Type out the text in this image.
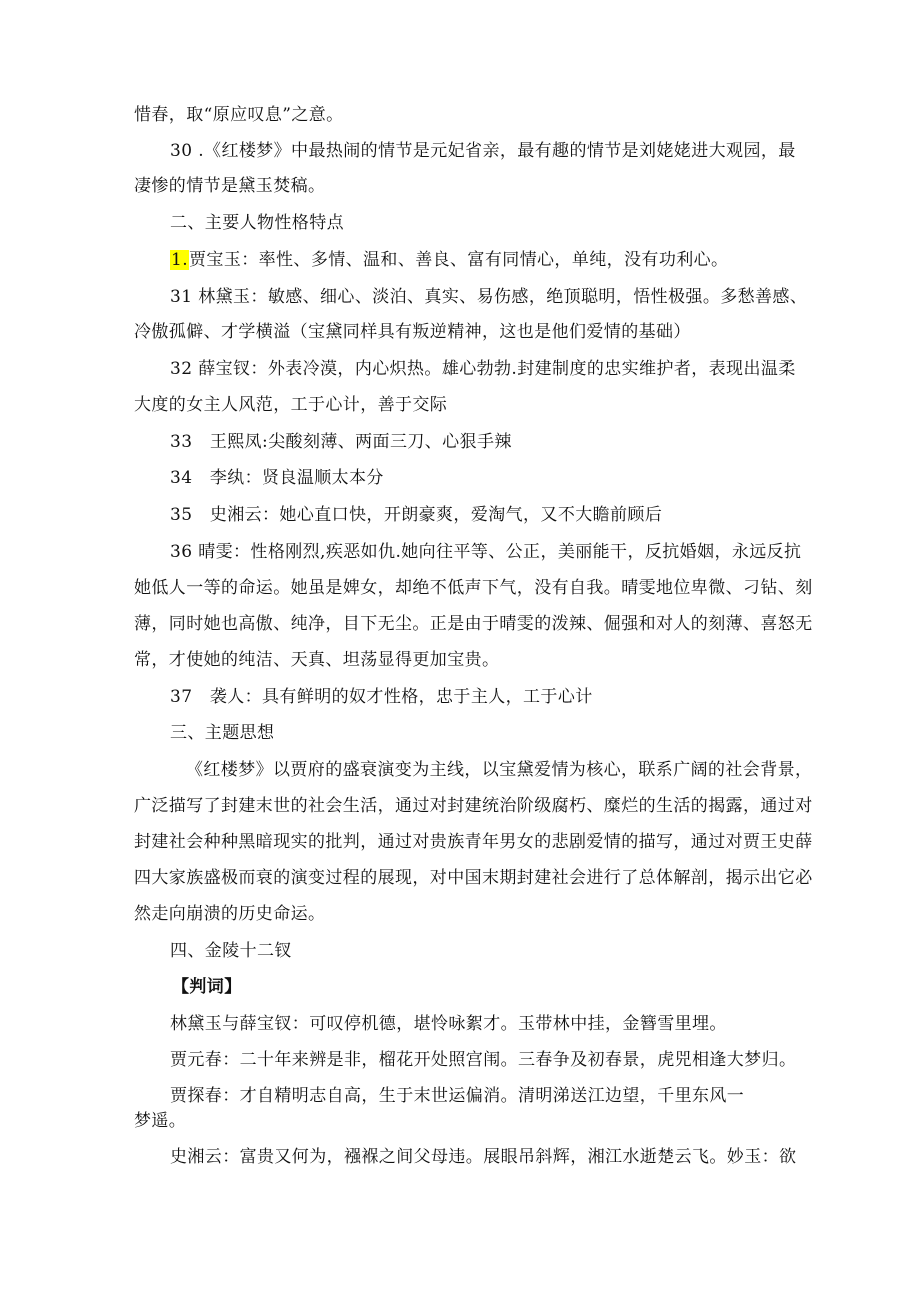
惜春，取“原应叹息”之意。
30 .《红楼梦》中最热闹的情节是元妃省亲，最有趣的情节是刘姥姥进大观园，最
凄惨的情节是黛玉焚稿。
二、主要人物性格特点
1.贾宝玉：率性、多情、温和、善良、富有同情心，单纯，没有功利心。
31 林黛玉：敏感、细心、淡泊、真实、易伤感，绝顶聪明，悟性极强。多愁善感、
冷傲孤僻、才学横溢（宝黛同样具有叛逆精神，这也是他们爱情的基础）
32 薛宝钗：外表冷漠，内心炽热。雄心勃勃.封建制度的忠实维护者，表现出温柔
大度的女主人风范，工于心计，善于交际
33　王熙凤:尖酸刻薄、两面三刀、心狠手辣
34　李纨：贤良温顺太本分
35　史湘云：她心直口快，开朗豪爽，爱淘气，又不大瞻前顾后
36 晴雯：性格刚烈,疾恶如仇.她向往平等、公正，美丽能干，反抗婚姻，永远反抗
她低人一等的命运。她虽是婢女，却绝不低声下气，没有自我。晴雯地位卑微、刁钻、刻
薄，同时她也高傲、纯净，目下无尘。正是由于晴雯的泼辣、倔强和对人的刻薄、喜怒无
常，才使她的纯洁、天真、坦荡显得更加宝贵。
37　袭人：具有鲜明的奴才性格，忠于主人，工于心计
三、主题思想
《红楼梦》以贾府的盛衰演变为主线，以宝黛爱情为核心，联系广阔的社会背景，
广泛描写了封建末世的社会生活，通过对封建统治阶级腐朽、糜烂的生活的揭露，通过对
封建社会种种黑暗现实的批判，通过对贵族青年男女的悲剧爱情的描写，通过对贾王史薛
四大家族盛极而衰的演变过程的展现，对中国末期封建社会进行了总体解剖，揭示出它必
然走向崩溃的历史命运。
四、金陵十二钗
【判词】
林黛玉与薛宝钗：可叹停机德，堪怜咏絮才。玉带林中挂，金簪雪里埋。
贾元春：二十年来辨是非，榴花开处照宫闱。三春争及初春景，虎兕相逢大梦归。
贾探春：才自精明志自高，生于末世运偏消。清明涕送江边望，千里东风一
梦遥。
史湘云：富贵又何为，襁褓之间父母违。展眼吊斜辉，湘江水逝楚云飞。妙玉：欲
